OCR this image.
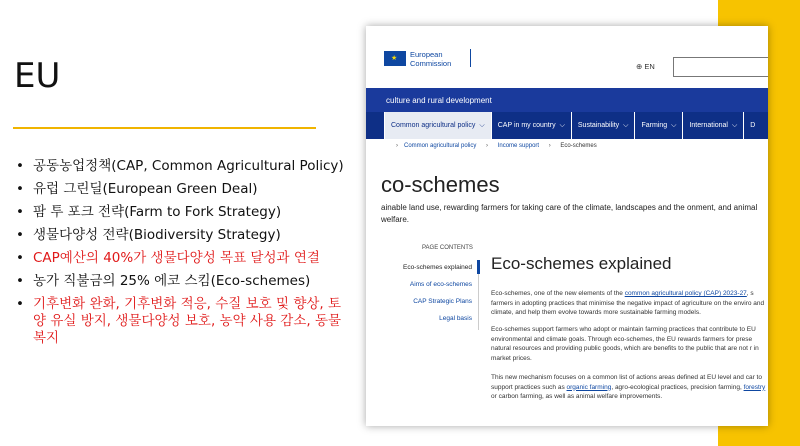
EU
• 공동농업정책(CAP, Common Agricultural Policy)
• 유럽 그린딜(European Green Deal)
• 팜 투 포크 전략(Farm to Fork Strategy)
• 생물다양성 전략(Biodiversity Strategy)
• CAP예산의 40%가 생물다양성 목표 달성과 연결
• 농가 직불금의 25% 에코 스킴(Eco-schemes)
• 기후변화 완화, 기후변화 적응, 수질 보호 및 향상, 토양 유실 방지, 생물다양성 보호, 농약 사용 감소, 동물복지
★
European
Commission	⊕ EN
culture and rural development
Common agricultural policy ⌵ CAP in my country ⌵ Sustainability ⌵ Farming ⌵ International ⌵ D
› Common agricultural policy › Income support › Eco-schemes
co-schemes
ainable land use, rewarding farmers for taking care of the climate, landscapes and the onment, and animal welfare.
PAGE CONTENTS
Eco-schemes explained
Aims of eco-schemes
CAP Strategic Plans
Legal basis
Eco-schemes explained
Eco-schemes, one of the new elements of the common agricultural policy (CAP) 2023-27, s farmers in adopting practices that minimise the negative impact of agriculture on the enviro and climate, and help them evolve towards more sustainable farming models.
Eco-schemes support farmers who adopt or maintain farming practices that contribute to EU environmental and climate goals. Through eco-schemes, the EU rewards farmers for prese natural resources and providing public goods, which are benefits to the public that are not r in market prices.
This new mechanism focuses on a common list of actions areas defined at EU level and car to support practices such as organic farming, agro-ecological practices, precision farming, forestry or carbon farming, as well as animal welfare improvements.
